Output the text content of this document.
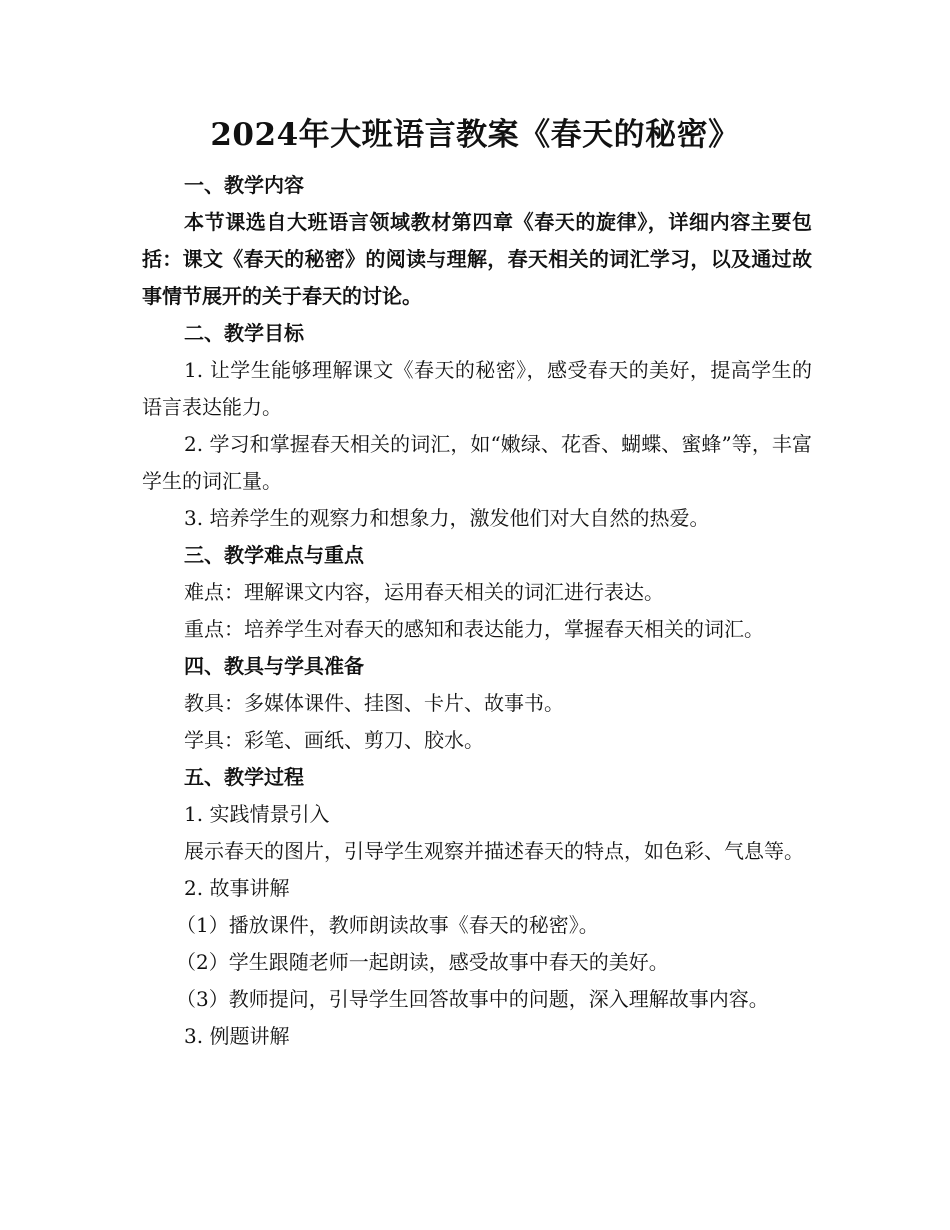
2024年大班语言教案《春天的秘密》

一、教学内容

本节课选自大班语言领域教材第四章《春天的旋律》，详细内容主要包括：课文《春天的秘密》的阅读与理解，春天相关的词汇学习，以及通过故事情节展开的关于春天的讨论。

二、教学目标

1. 让学生能够理解课文《春天的秘密》，感受春天的美好，提高学生的语言表达能力。

2. 学习和掌握春天相关的词汇，如“嫩绿、花香、蝴蝶、蜜蜂”等，丰富学生的词汇量。

3. 培养学生的观察力和想象力，激发他们对大自然的热爱。

三、教学难点与重点

难点：理解课文内容，运用春天相关的词汇进行表达。

重点：培养学生对春天的感知和表达能力，掌握春天相关的词汇。

四、教具与学具准备

教具：多媒体课件、挂图、卡片、故事书。

学具：彩笔、画纸、剪刀、胶水。

五、教学过程

1. 实践情景引入

展示春天的图片，引导学生观察并描述春天的特点，如色彩、气息等。

2. 故事讲解

（1）播放课件，教师朗读故事《春天的秘密》。

（2）学生跟随老师一起朗读，感受故事中春天的美好。

（3）教师提问，引导学生回答故事中的问题，深入理解故事内容。

3. 例题讲解
